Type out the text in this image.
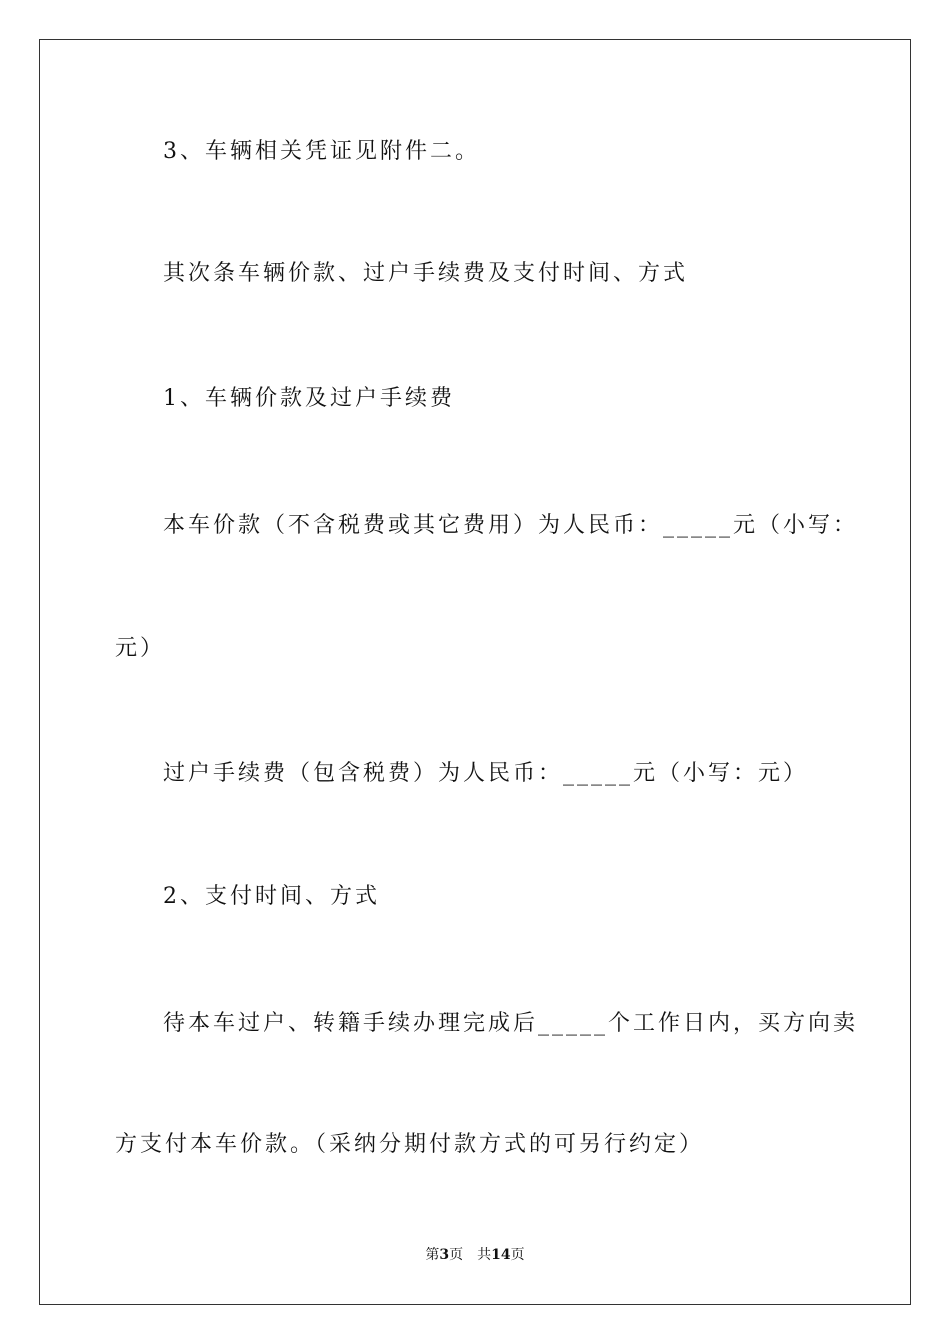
3、车辆相关凭证见附件二。
其次条车辆价款、过户手续费及支付时间、方式
1、车辆价款及过户手续费
本车价款（不含税费或其它费用）为人民币：_____元（小写：
元）
过户手续费（包含税费）为人民币：_____元（小写：元）
2、支付时间、方式
待本车过户、转籍手续办理完成后_____个工作日内，买方向卖
方支付本车价款。（采纳分期付款方式的可另行约定）
第3页 共14页
